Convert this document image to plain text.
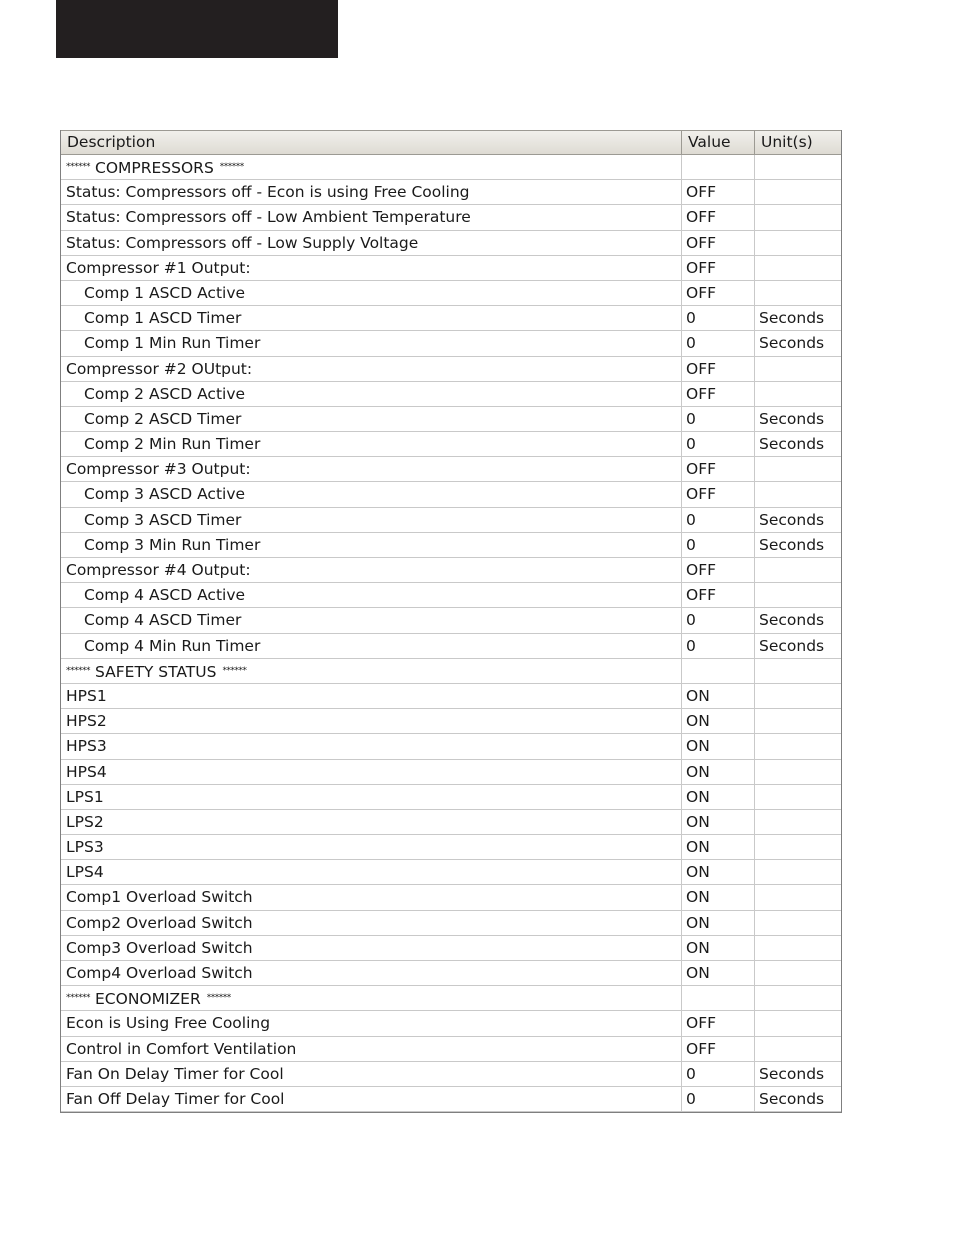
Description	Value	Unit(s)
****** COMPRESSORS ******
Status: Compressors off - Econ is using Free Cooling	OFF
Status: Compressors off - Low Ambient Temperature	OFF
Status: Compressors off - Low Supply Voltage	OFF
Compressor #1 Output:	OFF
Comp 1 ASCD Active	OFF
Comp 1 ASCD Timer	0	Seconds
Comp 1 Min Run Timer	0	Seconds
Compressor #2 OUtput:	OFF
Comp 2 ASCD Active	OFF
Comp 2 ASCD Timer	0	Seconds
Comp 2 Min Run Timer	0	Seconds
Compressor #3 Output:	OFF
Comp 3 ASCD Active	OFF
Comp 3 ASCD Timer	0	Seconds
Comp 3 Min Run Timer	0	Seconds
Compressor #4 Output:	OFF
Comp 4 ASCD Active	OFF
Comp 4 ASCD Timer	0	Seconds
Comp 4 Min Run Timer	0	Seconds
****** SAFETY STATUS ******
HPS1	ON
HPS2	ON
HPS3	ON
HPS4	ON
LPS1	ON
LPS2	ON
LPS3	ON
LPS4	ON
Comp1 Overload Switch	ON
Comp2 Overload Switch	ON
Comp3 Overload Switch	ON
Comp4 Overload Switch	ON
****** ECONOMIZER ******
Econ is Using Free Cooling	OFF
Control in Comfort Ventilation	OFF
Fan On Delay Timer for Cool	0	Seconds
Fan Off Delay Timer for Cool	0	Seconds
